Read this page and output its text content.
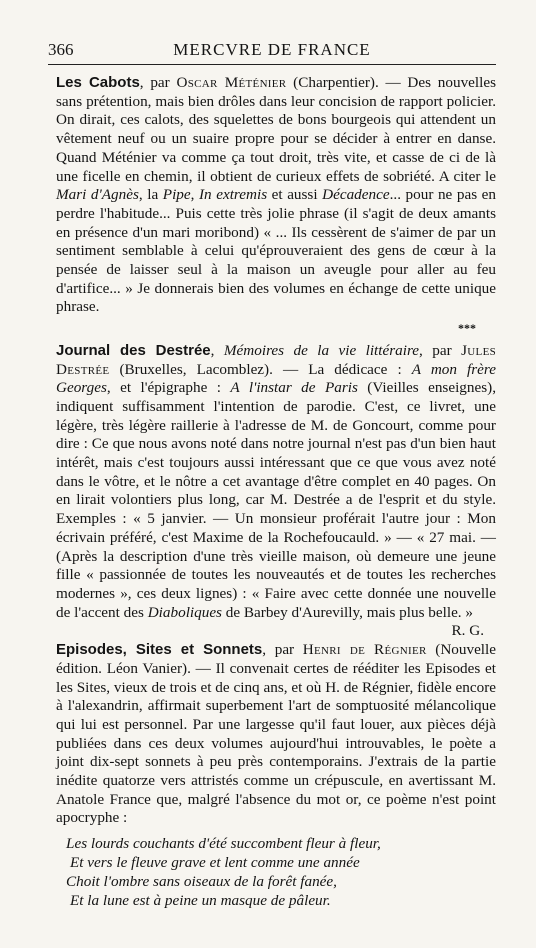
366	MERCVRE DE FRANCE

Les Cabots, par Oscar Méténier (Charpentier). — Des nouvelles sans prétention, mais bien drôles dans leur concision de rapport policier. On dirait, ces calots, des squelettes de bons bourgeois qui attendent un vêtement neuf ou un suaire propre pour se décider à entrer en danse. Quand Méténier va comme ça tout droit, très vite, et casse de ci de là une ficelle en chemin, il obtient de curieux effets de sobriété. A citer le Mari d'Agnès, la Pipe, In extremis et aussi Décadence... pour ne pas en perdre l'habitude... Puis cette très jolie phrase (il s'agit de deux amants en présence d'un mari moribond) « ... Ils cessèrent de s'aimer de par un sentiment semblable à celui qu'éprouveraient des gens de cœur à la pensée de laisser seul à la maison un aveugle pour aller au feu d'artifice... » Je donnerais bien des volumes en échange de cette unique phrase.

***

Journal des Destrée, Mémoires de la vie littéraire, par Jules Destrée (Bruxelles, Lacomblez). — La dédicace : A mon frère Georges, et l'épigraphe : A l'instar de Paris (Vieilles enseignes), indiquent suffisamment l'intention de parodie. C'est, ce livret, une légère, très légère raillerie à l'adresse de M. de Goncourt, comme pour dire : Ce que nous avons noté dans notre journal n'est pas d'un bien haut intérêt, mais c'est toujours aussi intéressant que ce que vous avez noté dans le vôtre, et le nôtre a cet avantage d'être complet en 40 pages. On en lirait volontiers plus long, car M. Destrée a de l'esprit et du style. Exemples : « 5 janvier. — Un monsieur proférait l'autre jour : Mon écrivain préféré, c'est Maxime de la Rochefoucauld. » — « 27 mai. — (Après la description d'une très vieille maison, où demeure une jeune fille « passionnée de toutes les nouveautés et de toutes les recherches modernes », ces deux lignes) : « Faire avec cette donnée une nouvelle de l'accent des Diaboliques de Barbey d'Aurevilly, mais plus belle. »

R. G.

Episodes, Sites et Sonnets, par Henri de Régnier (Nouvelle édition. Léon Vanier). — Il convenait certes de rééditer les Episodes et les Sites, vieux de trois et de cinq ans, et où H. de Régnier, fidèle encore à l'alexandrin, affirmait superbement l'art de somptuosité mélancolique qui lui est personnel. Par une largesse qu'il faut louer, aux pièces déjà publiées dans ces deux volumes aujourd'hui introuvables, le poète a joint dix-sept sonnets à peu près contemporains. J'extrais de la partie inédite quatorze vers attristés comme un crépuscule, en avertissant M. Anatole France que, malgré l'absence du mot or, ce poème n'est point apocryphe :

Les lourds couchants d'été succombent fleur à fleur,
Et vers le fleuve grave et lent comme une année
Choit l'ombre sans oiseaux de la forêt fanée,
Et la lune est à peine un masque de pâleur.
